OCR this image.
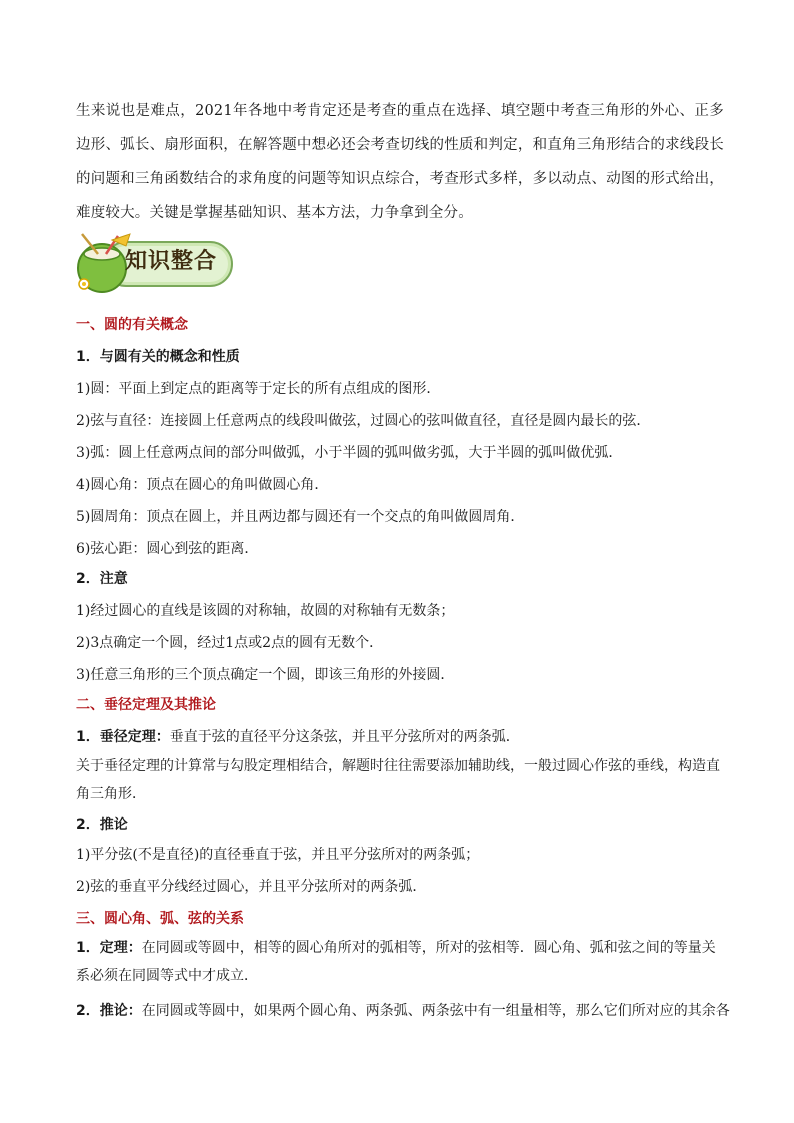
生来说也是难点，2021年各地中考肯定还是考查的重点在选择、填空题中考查三角形的外心、正多边形、弧长、扇形面积，在解答题中想必还会考查切线的性质和判定，和直角三角形结合的求线段长的问题和三角函数结合的求角度的问题等知识点综合，考查形式多样，多以动点、动图的形式给出，难度较大。关键是掌握基础知识、基本方法，力争拿到全分。
知识整合
一、圆的有关概念
1．与圆有关的概念和性质
1)圆：平面上到定点的距离等于定长的所有点组成的图形．
2)弦与直径：连接圆上任意两点的线段叫做弦，过圆心的弦叫做直径，直径是圆内最长的弦．
3)弧：圆上任意两点间的部分叫做弧，小于半圆的弧叫做劣弧，大于半圆的弧叫做优弧．
4)圆心角：顶点在圆心的角叫做圆心角．
5)圆周角：顶点在圆上，并且两边都与圆还有一个交点的角叫做圆周角．
6)弦心距：圆心到弦的距离．
2．注意
1)经过圆心的直线是该圆的对称轴，故圆的对称轴有无数条；
2)3点确定一个圆，经过1点或2点的圆有无数个．
3)任意三角形的三个顶点确定一个圆，即该三角形的外接圆．
二、垂径定理及其推论
1．垂径定理：垂直于弦的直径平分这条弦，并且平分弦所对的两条弧．
关于垂径定理的计算常与勾股定理相结合，解题时往往需要添加辅助线，一般过圆心作弦的垂线，构造直角三角形．
2．推论
1)平分弦(不是直径)的直径垂直于弦，并且平分弦所对的两条弧；
2)弦的垂直平分线经过圆心，并且平分弦所对的两条弧．
三、圆心角、弧、弦的关系
1．定理：在同圆或等圆中，相等的圆心角所对的弧相等，所对的弦相等．圆心角、弧和弦之间的等量关系必须在同圆等式中才成立．
2．推论：在同圆或等圆中，如果两个圆心角、两条弧、两条弦中有一组量相等，那么它们所对应的其余各
